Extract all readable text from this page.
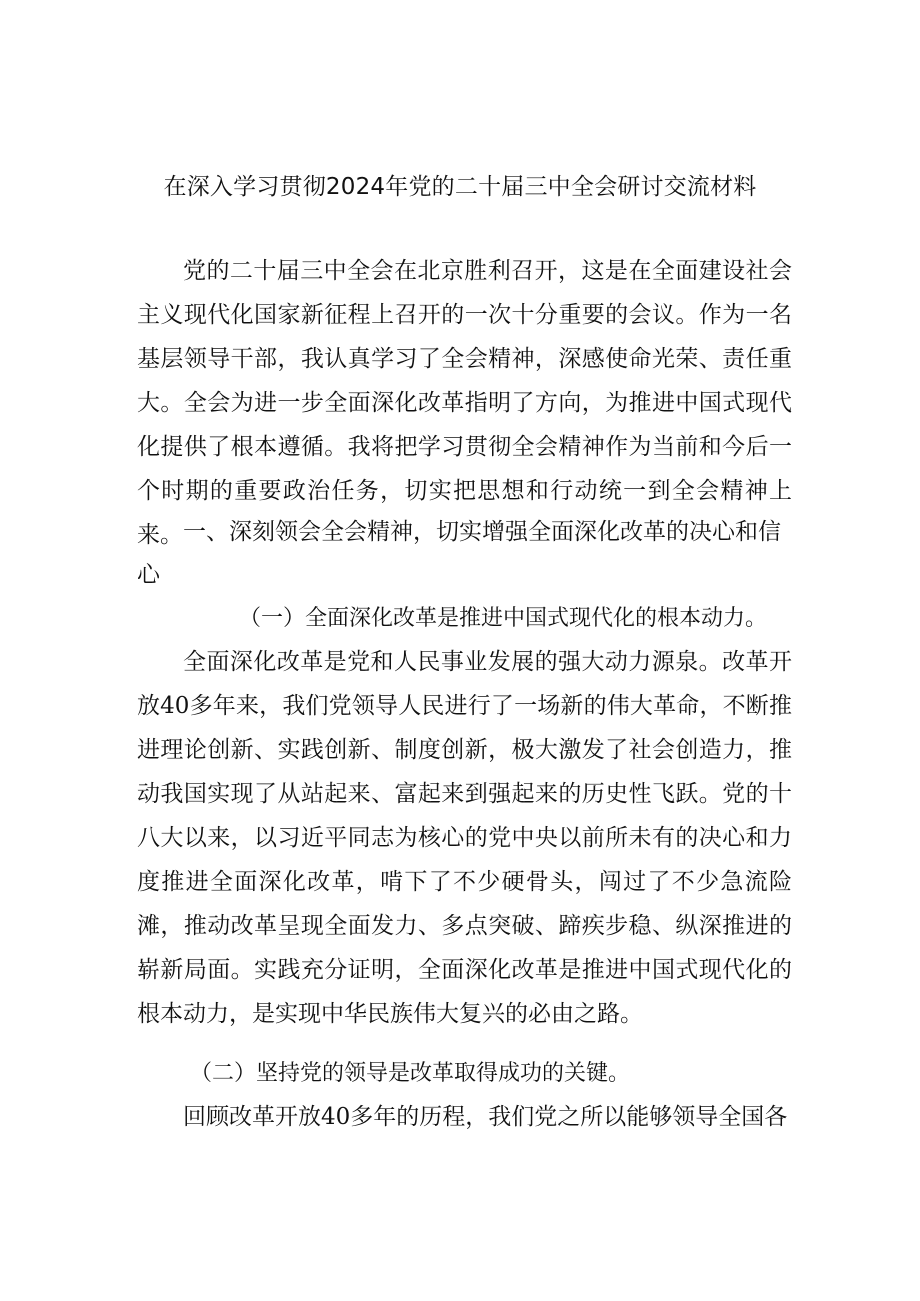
在深入学习贯彻2024年党的二十届三中全会研讨交流材料

党的二十届三中全会在北京胜利召开，这是在全面建设社会主义现代化国家新征程上召开的一次十分重要的会议。作为一名基层领导干部，我认真学习了全会精神，深感使命光荣、责任重大。全会为进一步全面深化改革指明了方向，为推进中国式现代化提供了根本遵循。我将把学习贯彻全会精神作为当前和今后一个时期的重要政治任务，切实把思想和行动统一到全会精神上来。 一、深刻领会全会精神，切实增强全面深化改革的决心和信心

（一）全面深化改革是推进中国式现代化的根本动力。

全面深化改革是党和人民事业发展的强大动力源泉。改革开放40多年来，我们党领导人民进行了一场新的伟大革命，不断推进理论创新、实践创新、制度创新，极大激发了社会创造力，推动我国实现了从站起来、富起来到强起来的历史性飞跃。党的十八大以来，以习近平同志为核心的党中央以前所未有的决心和力度推进全面深化改革，啃下了不少硬骨头，闯过了不少急流险滩，推动改革呈现全面发力、多点突破、蹄疾步稳、纵深推进的崭新局面。实践充分证明，全面深化改革是推进中国式现代化的根本动力，是实现中华民族伟大复兴的必由之路。

（二）坚持党的领导是改革取得成功的关键。

回顾改革开放40多年的历程，我们党之所以能够领导全国各
